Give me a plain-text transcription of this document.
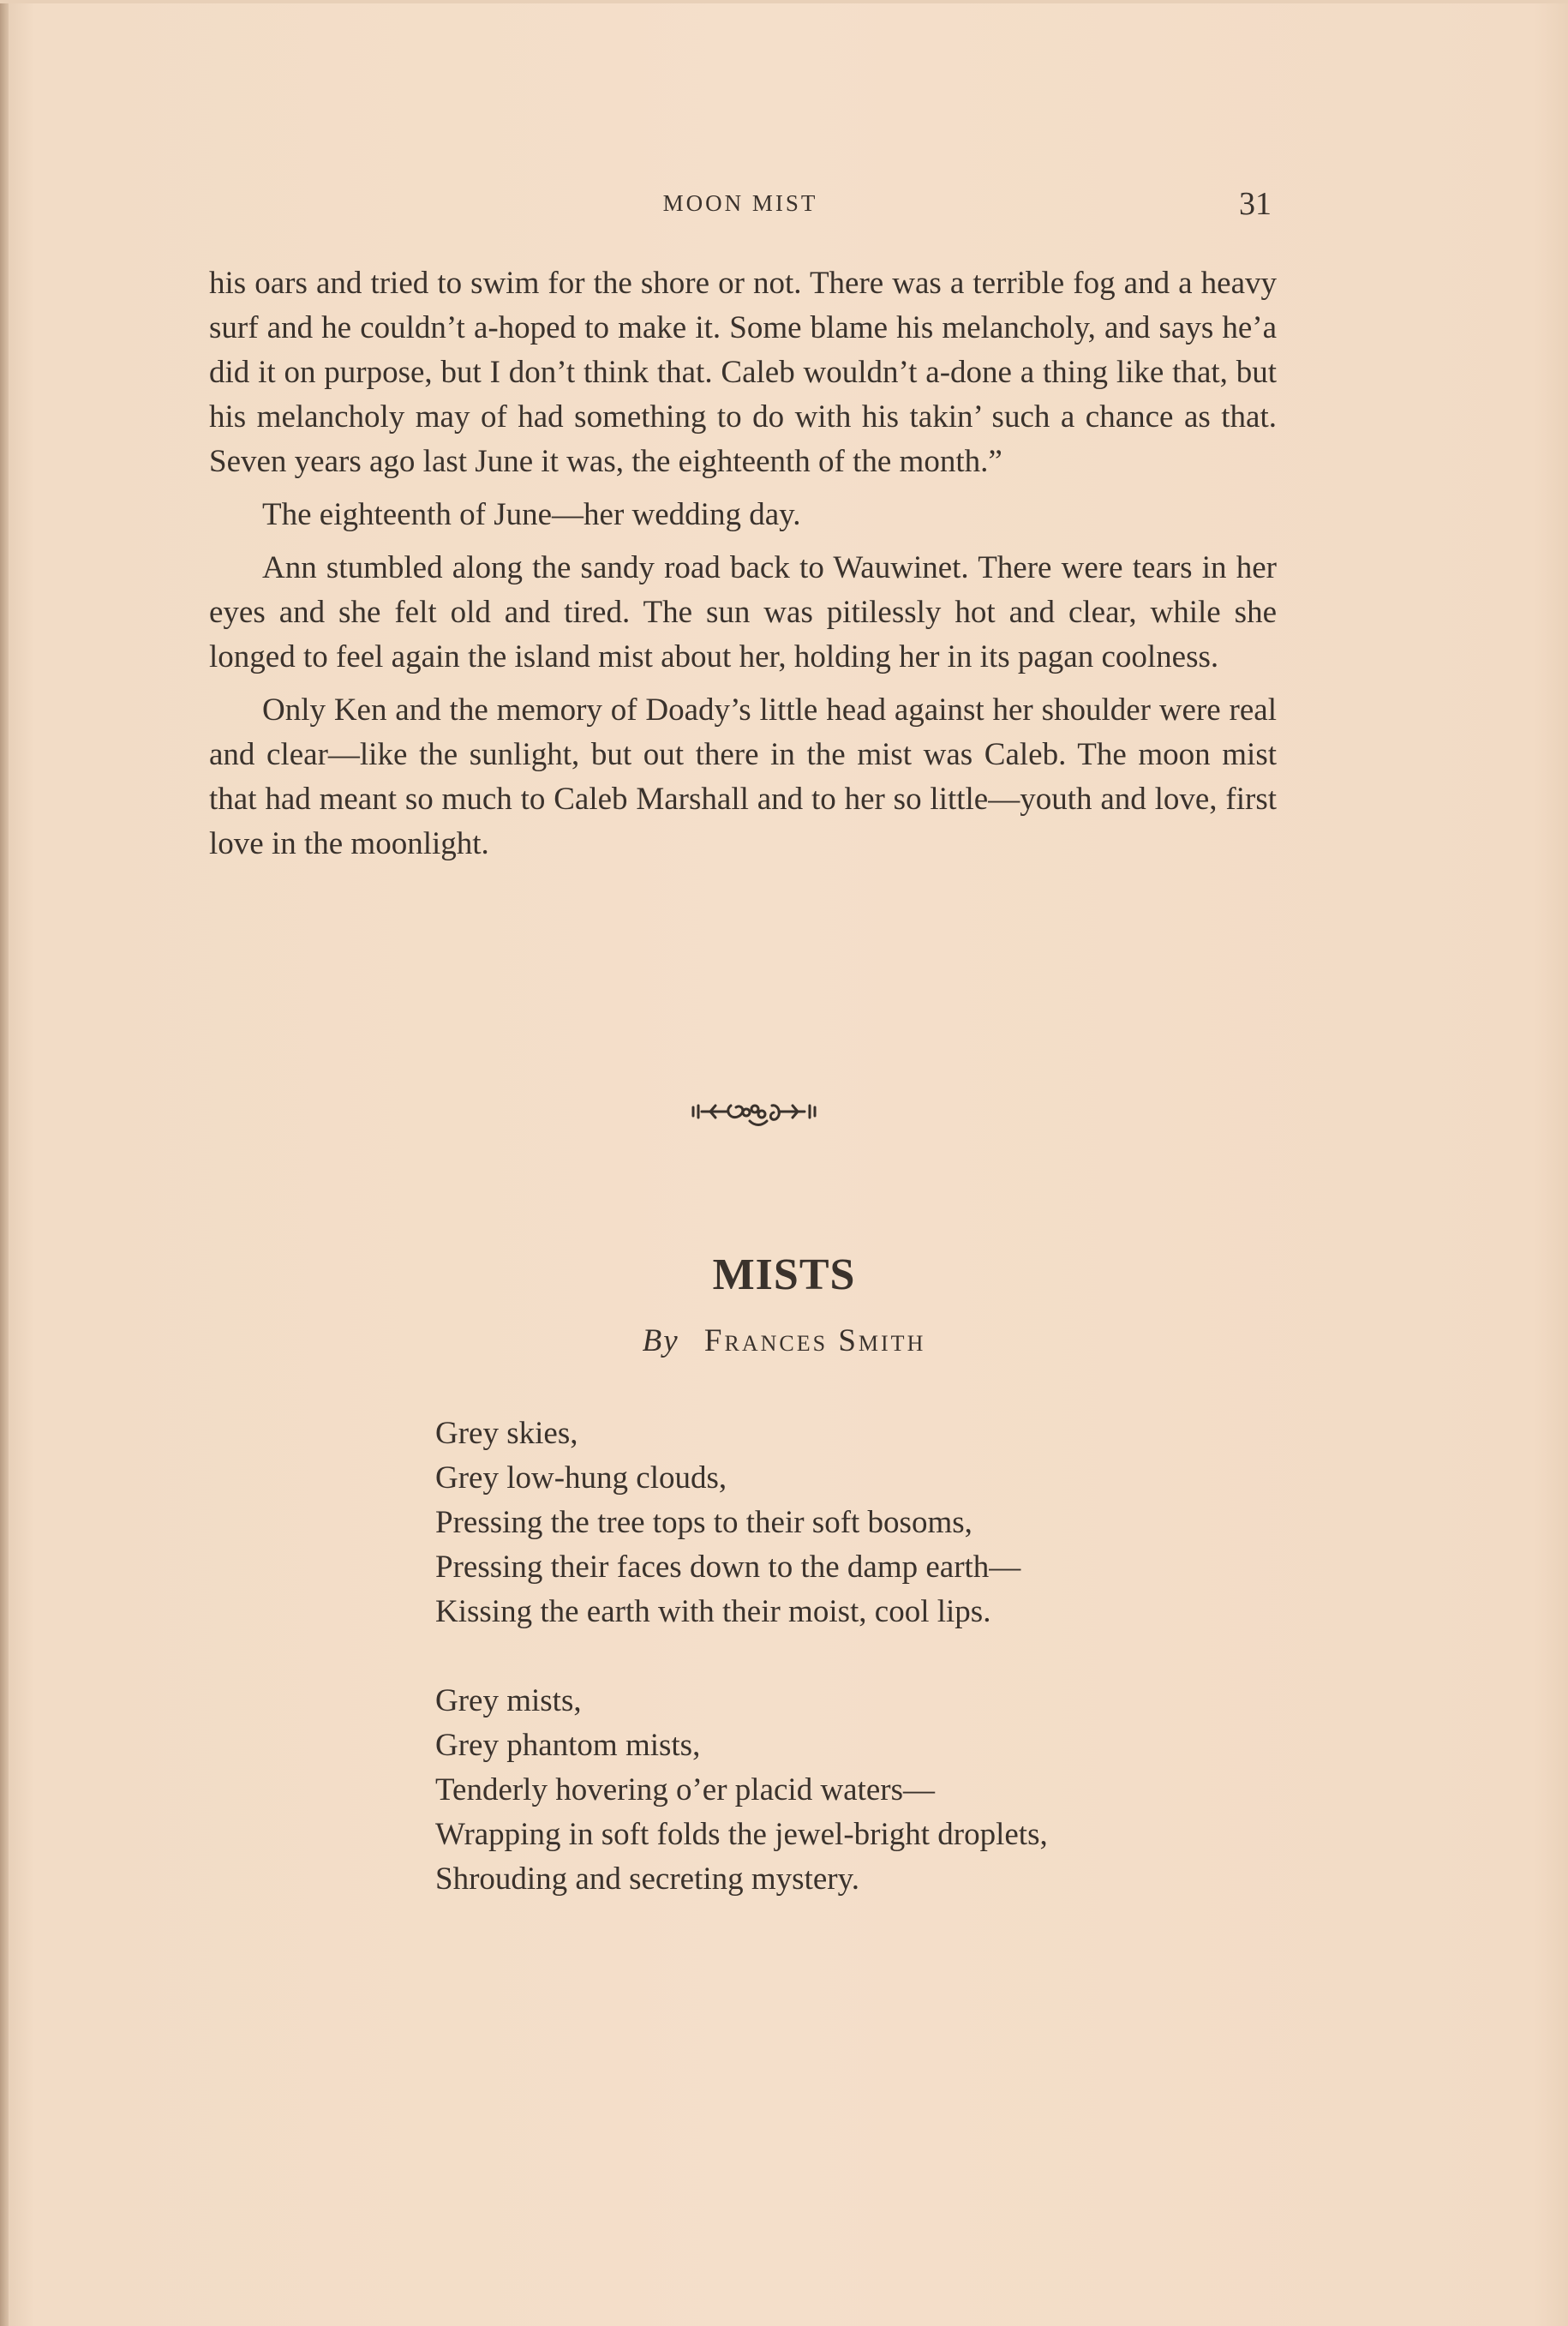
MOON MIST	31

his oars and tried to swim for the shore or not. There was a terrible fog and a heavy surf and he couldn’t a-hoped to make it. Some blame his melancholy, and says he’a did it on purpose, but I don’t think that. Caleb wouldn’t a-done a thing like that, but his melancholy may of had something to do with his takin’ such a chance as that. Seven years ago last June it was, the eighteenth of the month.”

The eighteenth of June—her wedding day.

Ann stumbled along the sandy road back to Wauwinet. There were tears in her eyes and she felt old and tired. The sun was pitilessly hot and clear, while she longed to feel again the island mist about her, holding her in its pagan coolness.

Only Ken and the memory of Doady’s little head against her shoulder were real and clear—like the sunlight, but out there in the mist was Caleb. The moon mist that had meant so much to Caleb Marshall and to her so little—youth and love, first love in the moonlight.

MISTS
By Frances Smith
Grey skies,
Grey low-hung clouds,
Pressing the tree tops to their soft bosoms,
Pressing their faces down to the damp earth—
Kissing the earth with their moist, cool lips.
Grey mists,
Grey phantom mists,
Tenderly hovering o’er placid waters—
Wrapping in soft folds the jewel-bright droplets,
Shrouding and secreting mystery.
